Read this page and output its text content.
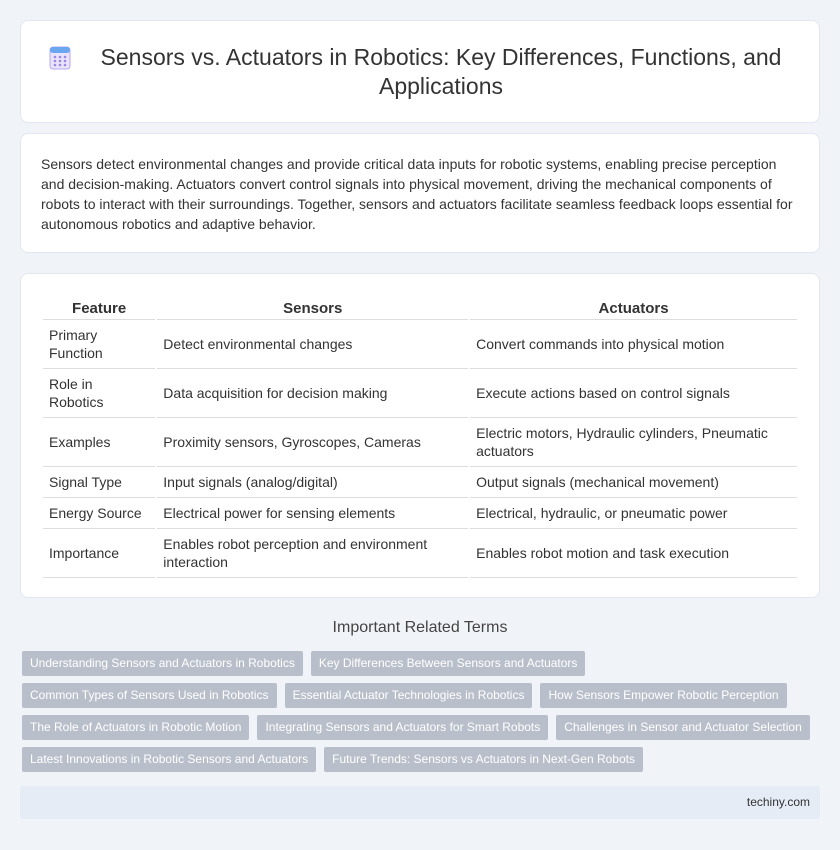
Sensors vs. Actuators in Robotics: Key Differences, Functions, and Applications

Sensors detect environmental changes and provide critical data inputs for robotic systems, enabling precise perception and decision-making. Actuators convert control signals into physical movement, driving the mechanical components of robots to interact with their surroundings. Together, sensors and actuators facilitate seamless feedback loops essential for autonomous robotics and adaptive behavior.

Feature	Sensors	Actuators
Primary Function	Detect environmental changes	Convert commands into physical motion
Role in Robotics	Data acquisition for decision making	Execute actions based on control signals
Examples	Proximity sensors, Gyroscopes, Cameras	Electric motors, Hydraulic cylinders, Pneumatic actuators
Signal Type	Input signals (analog/digital)	Output signals (mechanical movement)
Energy Source	Electrical power for sensing elements	Electrical, hydraulic, or pneumatic power
Importance	Enables robot perception and environment interaction	Enables robot motion and task execution
Important Related Terms
Understanding Sensors and Actuators in Robotics	Key Differences Between Sensors and Actuators
Common Types of Sensors Used in Robotics	Essential Actuator Technologies in Robotics	How Sensors Empower Robotic Perception
The Role of Actuators in Robotic Motion	Integrating Sensors and Actuators for Smart Robots	Challenges in Sensor and Actuator Selection
Latest Innovations in Robotic Sensors and Actuators	Future Trends: Sensors vs Actuators in Next-Gen Robots
techiny.com
